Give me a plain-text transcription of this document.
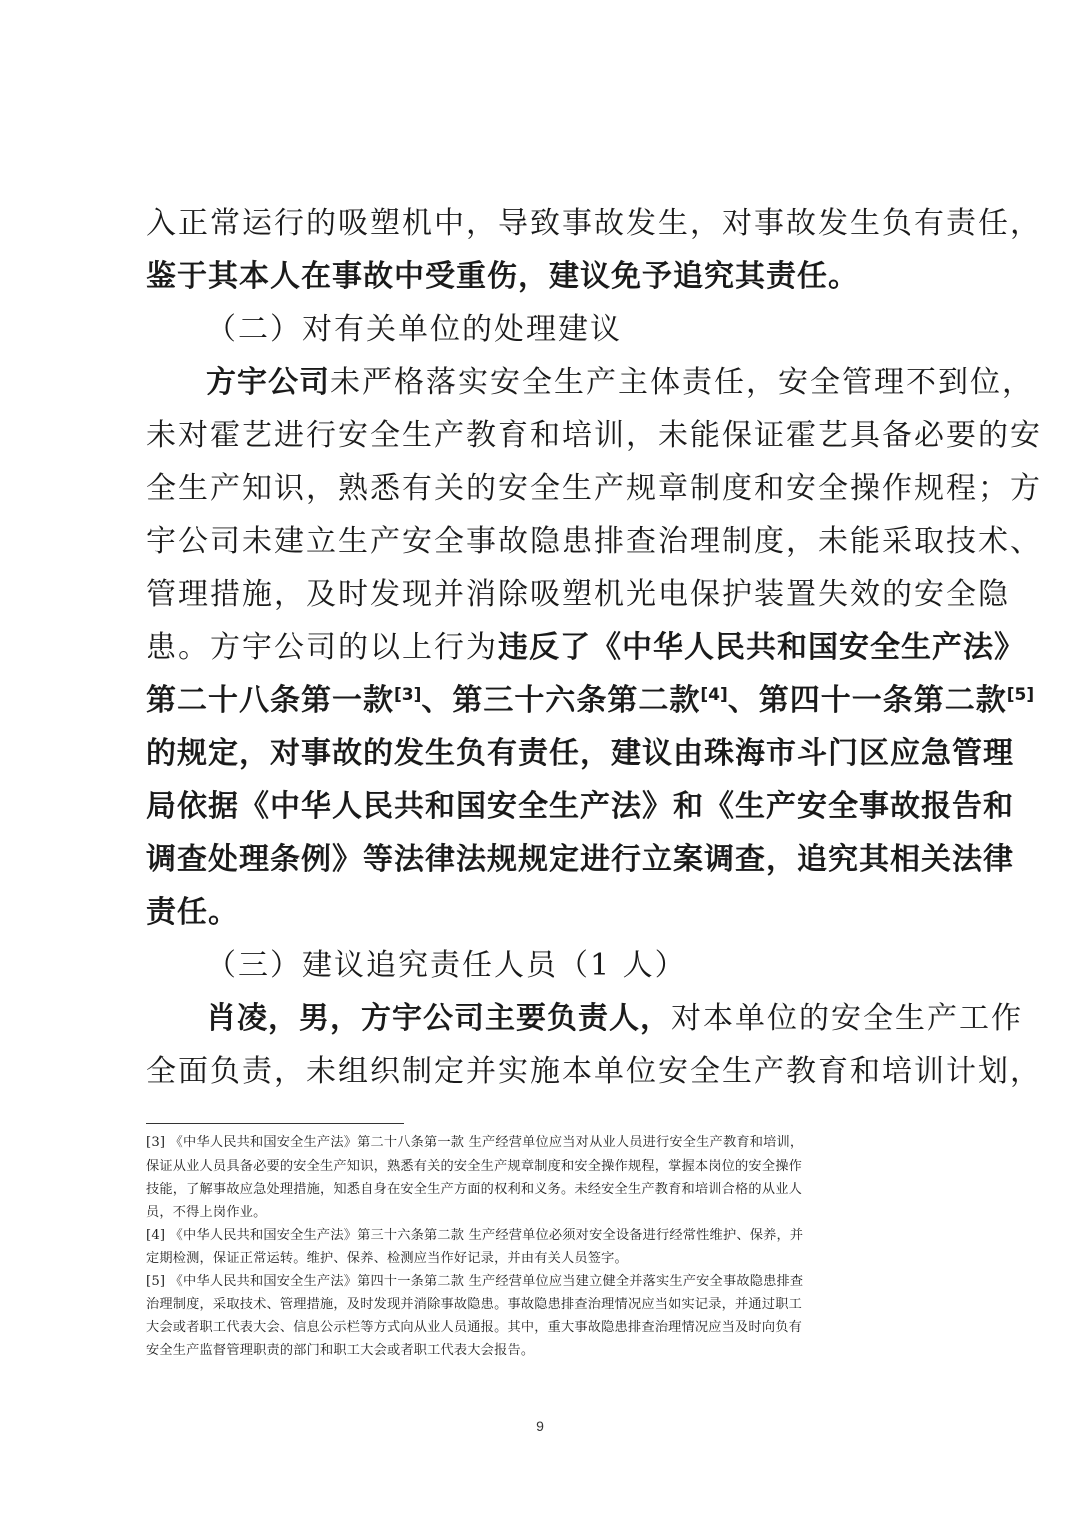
入正常运行的吸塑机中，导致事故发生，对事故发生负有责任，
鉴于其本人在事故中受重伤，建议免予追究其责任。
（二）对有关单位的处理建议
方宇公司未严格落实安全生产主体责任，安全管理不到位，
未对霍艺进行安全生产教育和培训，未能保证霍艺具备必要的安
全生产知识，熟悉有关的安全生产规章制度和安全操作规程；方
宇公司未建立生产安全事故隐患排查治理制度，未能采取技术、
管理措施，及时发现并消除吸塑机光电保护装置失效的安全隐
患。方宇公司的以上行为违反了《中华人民共和国安全生产法》
第二十八条第一款[3]、第三十六条第二款[4]、第四十一条第二款[5]
的规定，对事故的发生负有责任，建议由珠海市斗门区应急管理
局依据《中华人民共和国安全生产法》和《生产安全事故报告和
调查处理条例》等法律法规规定进行立案调查，追究其相关法律
责任。
（三）建议追究责任人员（1 人）
肖凌，男，方宇公司主要负责人，对本单位的安全生产工作
全面负责，未组织制定并实施本单位安全生产教育和培训计划，
[3] 《中华人民共和国安全生产法》第二十八条第一款 生产经营单位应当对从业人员进行安全生产教育和培训，
保证从业人员具备必要的安全生产知识，熟悉有关的安全生产规章制度和安全操作规程，掌握本岗位的安全操作
技能，了解事故应急处理措施，知悉自身在安全生产方面的权利和义务。未经安全生产教育和培训合格的从业人
员，不得上岗作业。
[4] 《中华人民共和国安全生产法》第三十六条第二款 生产经营单位必须对安全设备进行经常性维护、保养，并
定期检测，保证正常运转。维护、保养、检测应当作好记录，并由有关人员签字。
[5] 《中华人民共和国安全生产法》第四十一条第二款 生产经营单位应当建立健全并落实生产安全事故隐患排查
治理制度，采取技术、管理措施，及时发现并消除事故隐患。事故隐患排查治理情况应当如实记录，并通过职工
大会或者职工代表大会、信息公示栏等方式向从业人员通报。其中，重大事故隐患排查治理情况应当及时向负有
安全生产监督管理职责的部门和职工大会或者职工代表大会报告。
9
